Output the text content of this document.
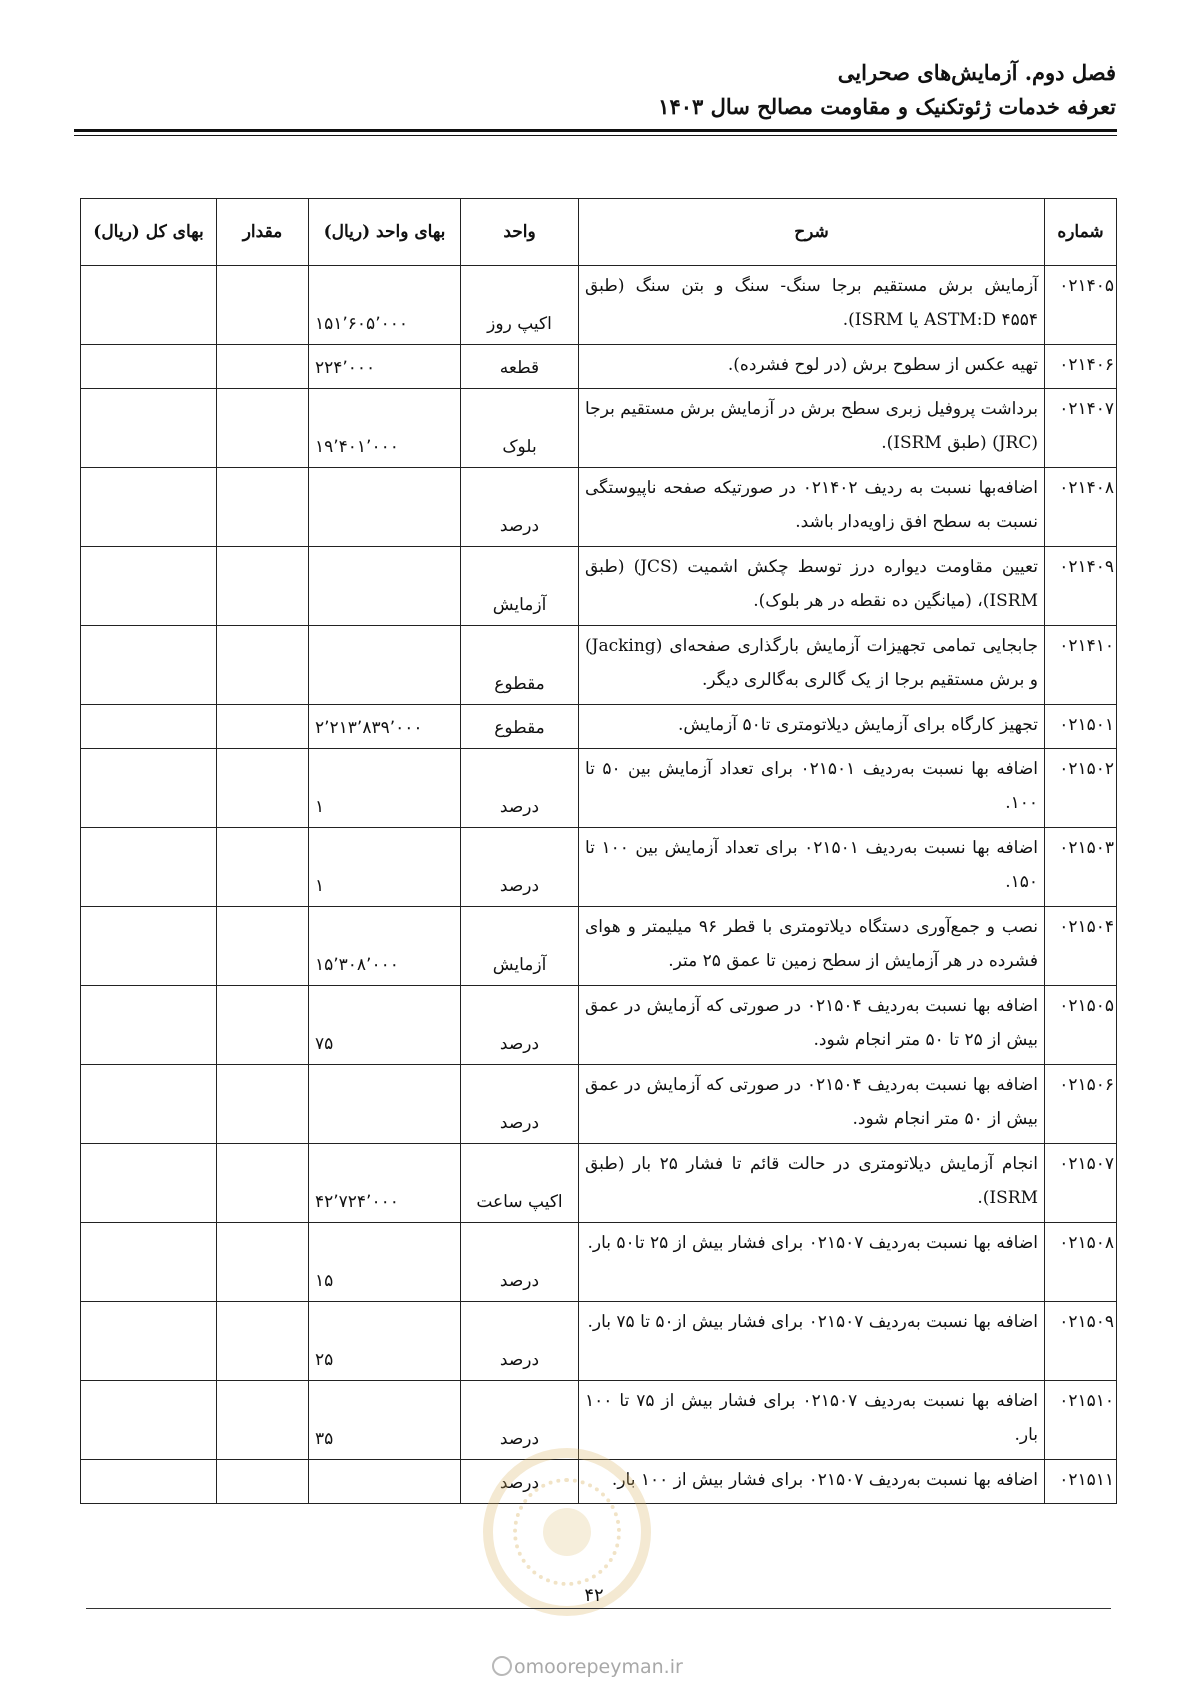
فصل دوم. آزمایش‌های صحرایی
تعرفه خدمات ژئوتکنیک و مقاومت مصالح سال ۱۴۰۳
شماره	شرح	واحد	بهای واحد (ریال)	مقدار	بهای کل (ریال)
۰۲۱۴۰۵	آزمایش برش مستقیم برجا سنگ- سنگ و بتن سنگ (طبق ASTM:D ۴۵۵۴ یا ISRM).	اکیپ روز	۱۵۱٬۶۰۵٬۰۰۰		
۰۲۱۴۰۶	تهیه عکس از سطوح برش (در لوح فشرده).	قطعه	۲۲۴٬۰۰۰		
۰۲۱۴۰۷	برداشت پروفیل زبری سطح برش در آزمایش برش مستقیم برجا (JRC) (طبق ISRM).	بلوک	۱۹٬۴۰۱٬۰۰۰		
۰۲۱۴۰۸	اضافه‌بها نسبت به ردیف ۰۲۱۴۰۲ در صورتیکه صفحه ناپیوستگی نسبت به سطح افق زاویه‌دار باشد.	درصد			
۰۲۱۴۰۹	تعیین مقاومت دیواره درز توسط چکش اشمیت (JCS) (طبق ISRM)، (میانگین ده نقطه در هر بلوک).	آزمایش			
۰۲۱۴۱۰	جابجایی تمامی تجهیزات آزمایش بارگذاری صفحه‌ای (Jacking) و برش مستقیم برجا از یک گالری به‌گالری دیگر.	مقطوع			
۰۲۱۵۰۱	تجهیز کارگاه برای آزمایش دیلاتومتری تا۵۰ آزمایش.	مقطوع	۲٬۲۱۳٬۸۳۹٬۰۰۰		
۰۲۱۵۰۲	اضافه بها نسبت به‌ردیف ۰۲۱۵۰۱ برای تعداد آزمایش بین ۵۰ تا ۱۰۰.	درصد	۱		
۰۲۱۵۰۳	اضافه بها نسبت به‌ردیف ۰۲۱۵۰۱ برای تعداد آزمایش بین ۱۰۰ تا ۱۵۰.	درصد	۱		
۰۲۱۵۰۴	نصب و جمع‌آوری دستگاه دیلاتومتری با قطر ۹۶ میلیمتر و هوای فشرده در هر آزمایش از سطح زمین تا عمق ۲۵ متر.	آزمایش	۱۵٬۳۰۸٬۰۰۰		
۰۲۱۵۰۵	اضافه بها نسبت به‌ردیف ۰۲۱۵۰۴ در صورتی که آزمایش در عمق بیش از ۲۵ تا ۵۰ متر انجام شود.	درصد	۷۵		
۰۲۱۵۰۶	اضافه بها نسبت به‌ردیف ۰۲۱۵۰۴ در صورتی که آزمایش در عمق بیش از ۵۰ متر انجام شود.	درصد			
۰۲۱۵۰۷	انجام آزمایش دیلاتومتری در حالت قائم تا فشار ۲۵ بار (طبق ISRM).	اکیپ ساعت	۴۲٬۷۲۴٬۰۰۰		
۰۲۱۵۰۸	اضافه بها نسبت به‌ردیف ۰۲۱۵۰۷ برای فشار بیش از ۲۵ تا۵۰ بار.	درصد	۱۵		
۰۲۱۵۰۹	اضافه بها نسبت به‌ردیف ۰۲۱۵۰۷ برای فشار بیش از۵۰ تا ۷۵ بار.	درصد	۲۵		
۰۲۱۵۱۰	اضافه بها نسبت به‌ردیف ۰۲۱۵۰۷ برای فشار بیش از ۷۵ تا ۱۰۰ بار.	درصد	۳۵		
۰۲۱۵۱۱	اضافه بها نسبت به‌ردیف ۰۲۱۵۰۷ برای فشار بیش از ۱۰۰ بار.	درصد			
۴۲
omoorepeyman.ir
